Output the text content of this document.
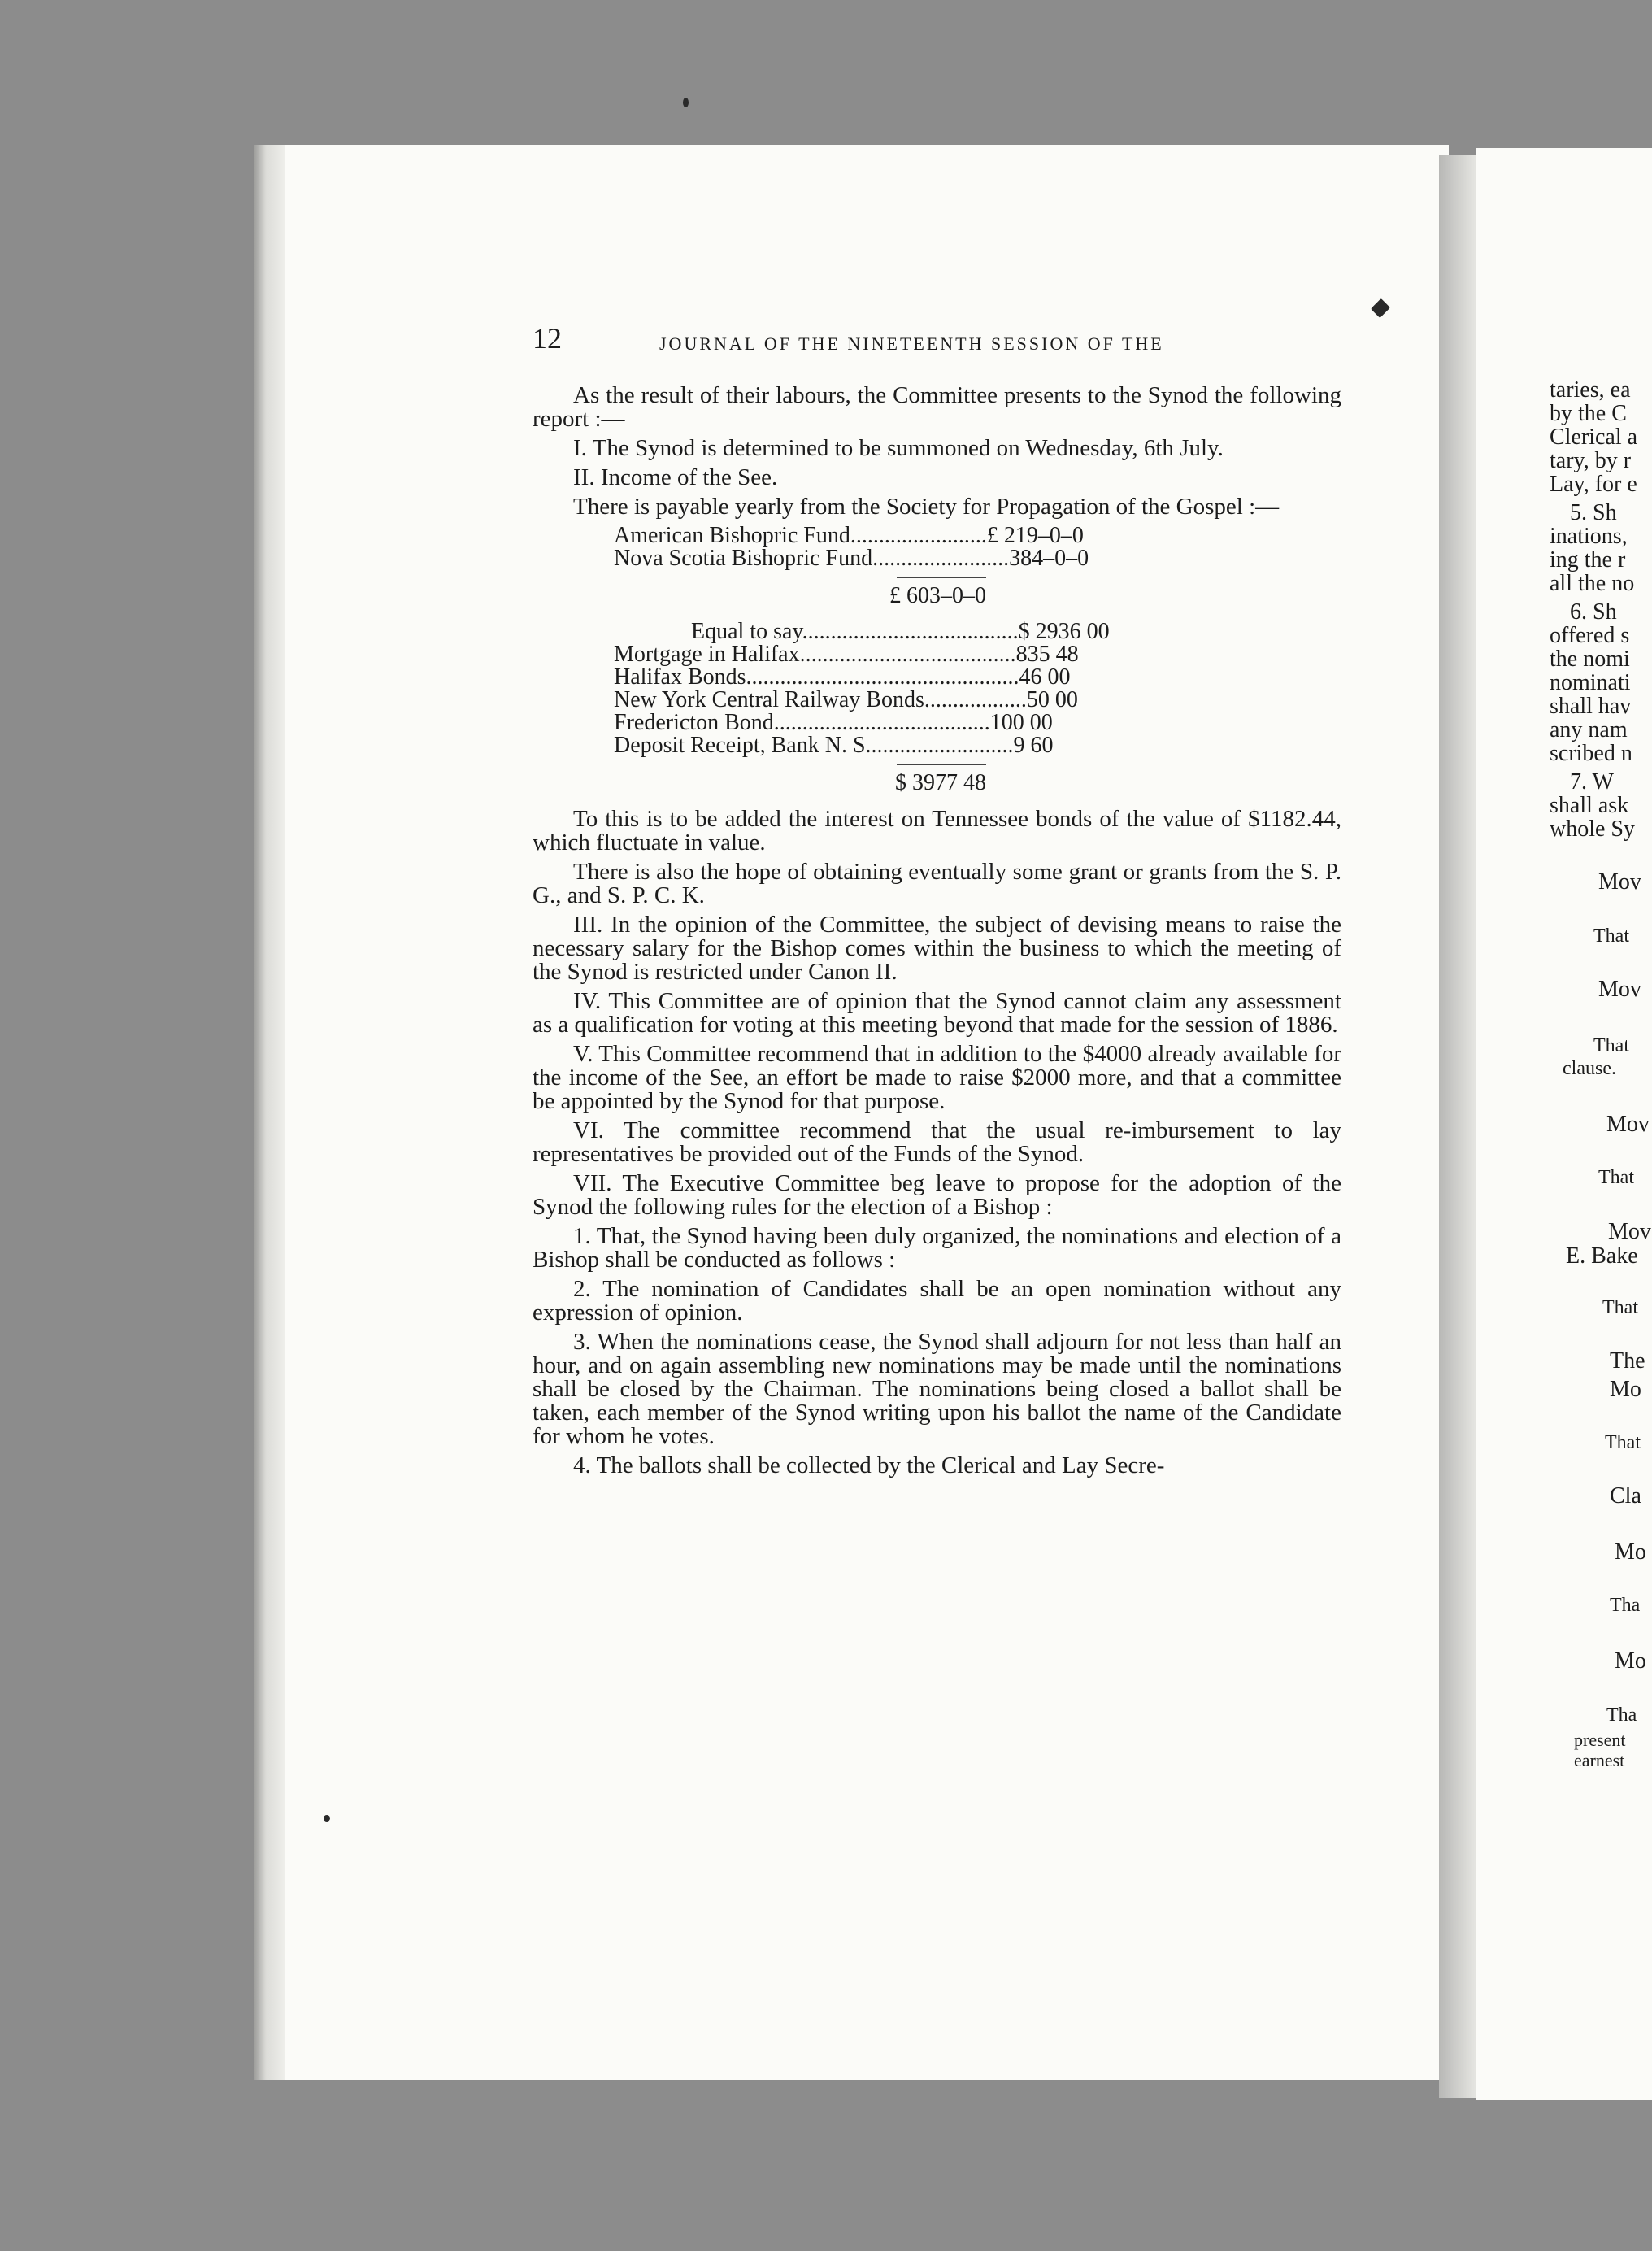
12	JOURNAL OF THE NINETEENTH SESSION OF THE

As the result of their labours, the Committee presents to the Synod the following report :—

I. The Synod is determined to be summoned on Wednesday, 6th July.

II. Income of the See.

There is payable yearly from the Society for Propagation of the Gospel :—

American Bishopric Fund........................ £ 219–0–0
Nova Scotia Bishopric Fund........................ 384–0–0
£ 603–0–0
Equal to say...................................... $ 2936 00
Mortgage in Halifax...................................... 835 48
Halifax Bonds................................................ 46 00
New York Central Railway Bonds.................. 50 00
Fredericton Bond...................................... 100 00
Deposit Receipt, Bank N. S.......................... 9 60
$ 3977 48

To this is to be added the interest on Tennessee bonds of the value of $1182.44, which fluctuate in value.

There is also the hope of obtaining eventually some grant or grants from the S. P. G., and S. P. C. K.

III. In the opinion of the Committee, the subject of devising means to raise the necessary salary for the Bishop comes within the business to which the meeting of the Synod is restricted under Canon II.

IV. This Committee are of opinion that the Synod cannot claim any assessment as a qualification for voting at this meeting beyond that made for the session of 1886.

V. This Committee recommend that in addition to the $4000 already available for the income of the See, an effort be made to raise $2000 more, and that a committee be appointed by the Synod for that purpose.

VI. The committee recommend that the usual re-imbursement to lay representatives be provided out of the Funds of the Synod.

VII. The Executive Committee beg leave to propose for the adoption of the Synod the following rules for the election of a Bishop :

1. That, the Synod having been duly organized, the nominations and election of a Bishop shall be conducted as follows :

2. The nomination of Candidates shall be an open nomination without any expression of opinion.

3. When the nominations cease, the Synod shall adjourn for not less than half an hour, and on again assembling new nominations may be made until the nominations shall be closed by the Chairman. The nominations being closed a ballot shall be taken, each member of the Synod writing upon his ballot the name of the Candidate for whom he votes.

4. The ballots shall be collected by the Clerical and Lay Secre-

taries, ea
by the C
Clerical a
tary, by r
Lay, for e
5. Sh
inations,
ing the r
all the no
6. Sh
offered s
the nomi
nominati
shall hav
any nam
scribed n
7. W
shall ask
whole Sy
Mov
That
Mov
That
clause.
Mov
That
Mov
E. Bake
That
The
Mo
That
Cla
Mo
Tha
Mo
Tha
present
earnest
